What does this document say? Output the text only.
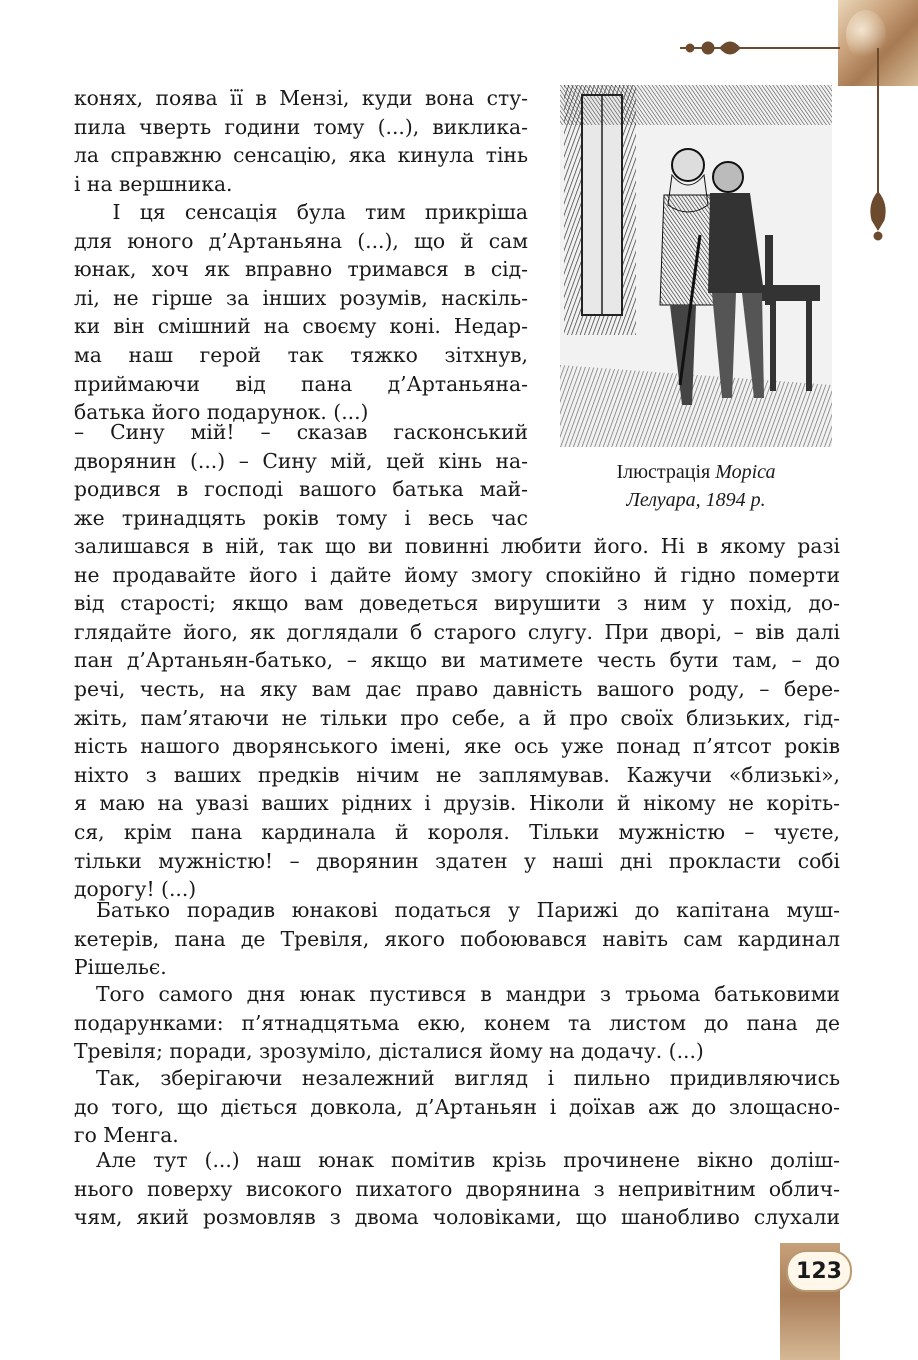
конях, поява її в Мензі, куди вона сту-
пила чверть години тому (...), виклика-
ла справжню сенсацію, яка кинула тінь
і на вершника.
I ця сенсація була тим прикріша
для юного д’Артаньяна (...), що й сам
юнак, хоч як вправно тримався в сід-
лі, не гірше за інших розумів, наскіль-
ки він смішний на своєму коні. Недар-
ма наш герой так тяжко зітхнув,
приймаючи від пана д’Артаньяна-
батька його подарунок. (...)
– Сину мій! – сказав гасконський
дворянин (...) – Сину мій, цей кінь на-
родився в господі вашого батька май-
же тринадцять років тому і весь час
залишався в ній, так що ви повинні любити його. Ні в якому разі
не продавайте його і дайте йому змогу спокійно й гідно померти
від старості; якщо вам доведеться вирушити з ним у похід, до-
глядайте його, як доглядали б старого слугу. При дворі, – вів далі
пан д’Артаньян-батько, – якщо ви матимете честь бути там, – до
речі, честь, на яку вам дає право давність вашого роду, – бере-
жіть, пам’ятаючи не тільки про себе, а й про своїх близьких, гід-
ність нашого дворянського імені, яке ось уже понад п’ятсот років
ніхто з ваших предків нічим не заплямував. Кажучи «близькі»,
я маю на увазі ваших рідних і друзів. Ніколи й нікому не коріть-
ся, крім пана кардинала й короля. Тільки мужністю – чуєте,
тільки мужністю! – дворянин здатен у наші дні прокласти собі
дорогу! (...)
Батько порадив юнакові податься у Парижі до капітана муш-
кетерів, пана де Тревіля, якого побоювався навіть сам кардинал
Рішельє.
Того самого дня юнак пустився в мандри з трьома батьковими
подарунками: п’ятнадцятьма екю, конем та листом до пана де
Тревіля; поради, зрозуміло, дісталися йому на додачу. (...)
Так, зберігаючи незалежний вигляд і пильно придивляючись
до того, що діється довкола, д’Артаньян і доїхав аж до злощасно-
го Менга.
Але тут (...) наш юнак помітив крізь прочинене вікно доліш-
нього поверху високого пихатого дворянина з непривітним облич-
чям, який розмовляв з двома чоловіками, що шанобливо слухали
Ілюстрація Моріса
Лелуара, 1894 р.
123
